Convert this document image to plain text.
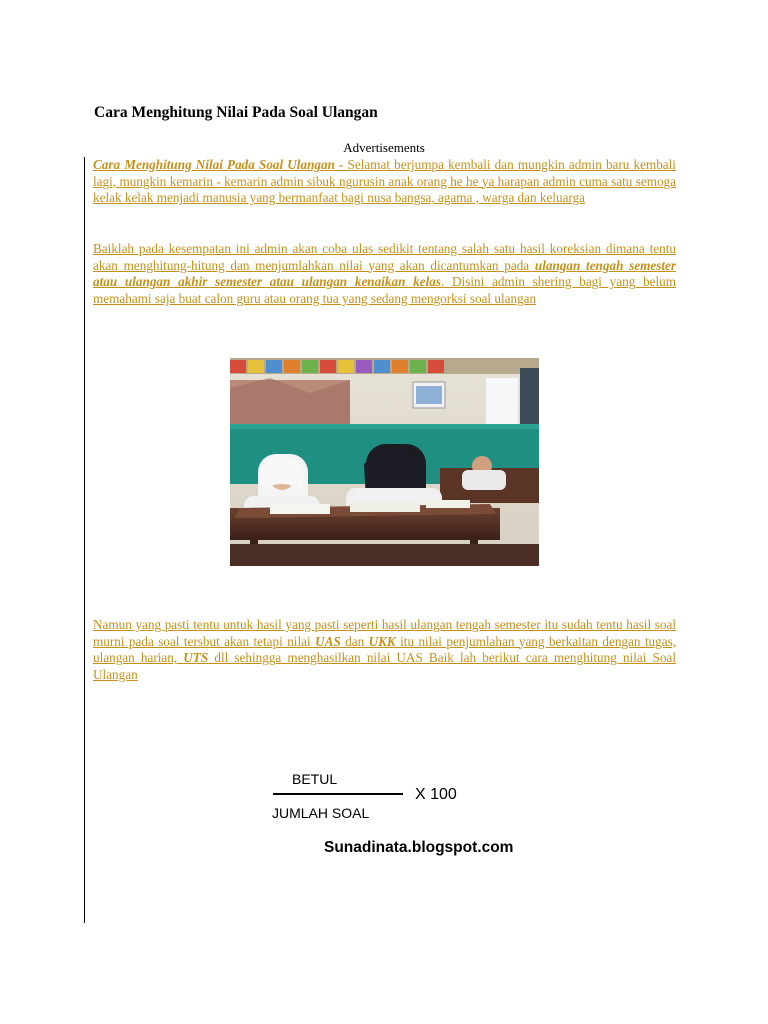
Cara Menghitung Nilai Pada Soal Ulangan
Advertisements
Cara Menghitung Nilai Pada Soal Ulangan - Selamat berjumpa kembali dan mungkin admin baru kembali lagi, mungkin kemarin - kemarin admin sibuk ngurusin anak orang he he ya harapan admin cuma satu semoga kelak kelak menjadi manusia yang bermanfaat bagi nusa bangsa, agama , warga dan keluarga
Baiklah pada kesempatan ini admin akan coba ulas sedikit tentang salah satu hasil koreksian dimana tentu akan menghitung-hitung dan menjumlahkan nilai yang akan dicantumkan pada ulangan tengah semester atau ulangan akhir semester atau ulangan kenaikan kelas. Disini admin shering bagi yang belum memahami saja buat calon guru atau orang tua yang sedang mengorksi soal ulangan
Namun yang pasti tentu untuk hasil yang pasti seperti hasil ulangan tengah semester itu sudah tentu hasil soal murni pada soal tersbut akan tetapi nilai UAS dan UKK itu nilai penjumlahan yang berkaitan dengan tugas, ulangan harian, UTS dll sehingga menghasilkan nilai UAS Baik lah berikut cara menghitung nilai Soal Ulangan
BETUL
JUMLAH SOAL
X 100
Sunadinata.blogspot.com
